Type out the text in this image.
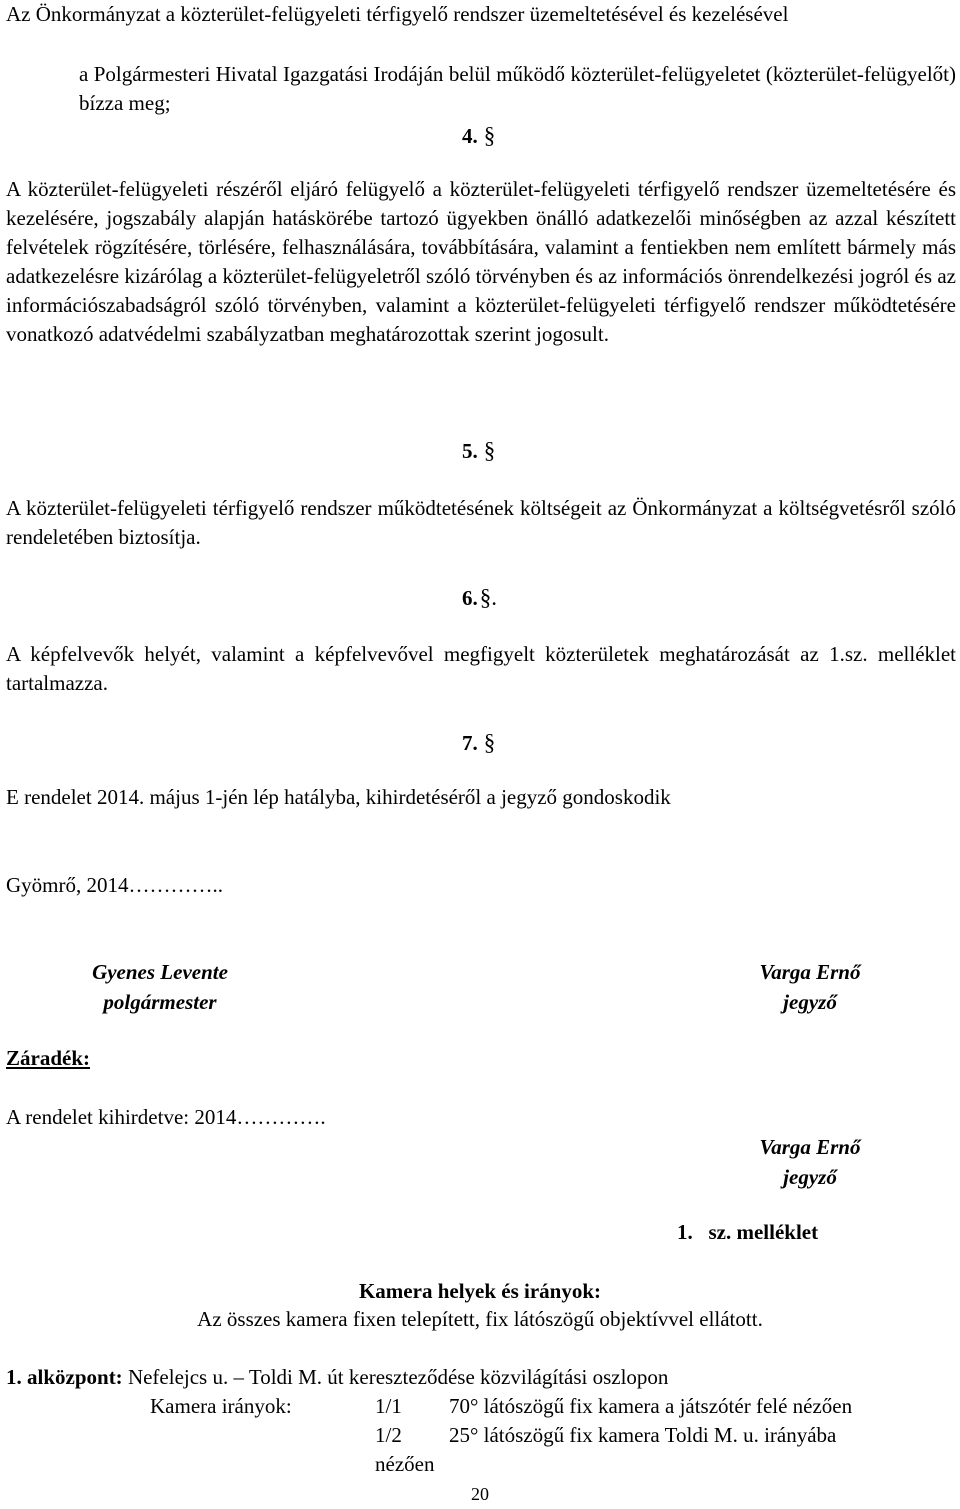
Az Önkormányzat a közterület-felügyeleti térfigyelő rendszer üzemeltetésével és kezelésével
a Polgármesteri Hivatal Igazgatási Irodáján belül működő közterület-felügyeletet (közterület-felügyelőt) bízza meg;
4. §
A közterület-felügyeleti részéről eljáró felügyelő a közterület-felügyeleti térfigyelő rendszer üzemeltetésére és kezelésére, jogszabály alapján hatáskörébe tartozó ügyekben önálló adatkezelői minőségben az azzal készített felvételek rögzítésére, törlésére, felhasználására, továbbítására, valamint a fentiekben nem említett bármely más adatkezelésre kizárólag a közterület-felügyeletről szóló törvényben és az információs önrendelkezési jogról és az információszabadságról szóló törvényben, valamint a közterület-felügyeleti térfigyelő rendszer működtetésére vonatkozó adatvédelmi szabályzatban meghatározottak szerint jogosult.
5. §
A közterület-felügyeleti térfigyelő rendszer működtetésének költségeit az Önkormányzat a költségvetésről szóló rendeletében biztosítja.
6.§.
A képfelvevők helyét, valamint a képfelvevővel megfigyelt közterületek meghatározását az 1.sz. melléklet tartalmazza.
7. §
E rendelet 2014. május 1-jén lép hatályba, kihirdetéséről a jegyző gondoskodik
Gyömrő, 2014…………..
Gyenes Levente
polgármester
Varga Ernő
jegyző
Záradék:
A rendelet kihirdetve: 2014………….
Varga Ernő
jegyző
1.   sz. melléklet
Kamera helyek és irányok:
Az összes kamera fixen telepített, fix látószögű objektívvel ellátott.
1. alközpont: Nefelejcs u. – Toldi M. út kereszteződése közvilágítási oszlopon
Kamera irányok:	1/1 70° látószögű fix kamera a játszótér felé nézően
1/2 25° látószögű fix kamera Toldi M. u. irányába
nézően
20
